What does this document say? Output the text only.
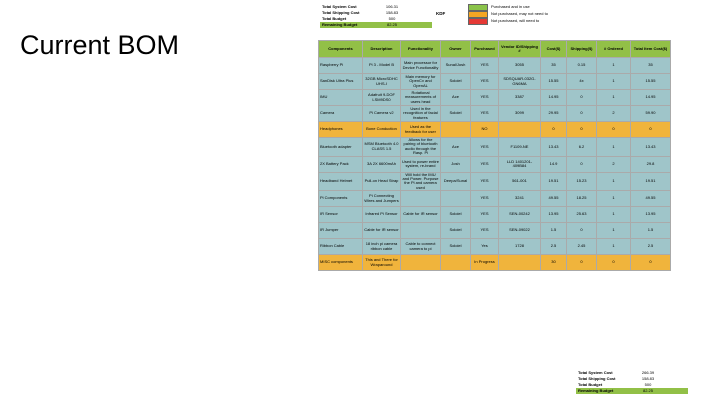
Current BOM
Total System Cost	106.31
Total Shipping Cost	158.83
Total Budget	500
Remaining Budget	82.25
KDF
Purchased and in use
Not purchased, may not need to
Not purchased, will need to
Components	Description	Functionality	Owner	Purchased	Vendor ID/Shipping #	Cost($)	Shipping($)	# Ordered	Total Item Cost($)
Raspberry Pi	Pi 3 - Model B	Main processor for Device Functionality	Sunal/Josh	YES	3055	35	0.15	1	35
SanDisk Ultra Plus	32GB MicroSDHC UHS-I	Main memory for OpenCv and OpenAL	Soloiel	YES	SDSQUAR-032G-GN6MA	15.55	4x	1	15.55
IMU	Adafruit 9-DOF LSM9DS0	Rotational measurements of users head	Ace	YES	3387	14.95	0	1	14.95
Camera	Pi Camera v2	Used in the recognition of facial features	Soloiel	YES	3099	29.95	0	2	59.90
Headphones	Bone Conduction	Used as the feedback for user		NO		0	0	0	0
Bluetooth adapter	MSM Bluetooth 4.0 CLASS 1.5	Allows for the pairing of bluetooth audio through the Rasp. Pi	Ace	YES	F1109-NE	13.43	6.2	1	13.43
2X Battery Pack	3A 2X 6600mAh	Used to power entire system, re-brand	Josh	YES	LLD 1401201-409B84	14.9	0	2	29.8
Headband Helmet	Pull-on Head Strap	Will hold the IMU and Power. Purpose the Pi and camera used	Deepa/Sunal	YES	561-001	19.51	15.23	1	19.51
Pi Components	Pi Connecting Wires and Jumpers			YES	3241	49.55	18.25	1	49.55
IR Sensor	Infrared Pi Sensor	Cable for IR sensor	Soloiel	YES	SEN-00242	13.95	25.63	1	13.95
IR Jumper	Cable for IR sensor		Soloiel	YES	SEN-09022	1.5	0	1	1.5
Ribbon Cable	18 inch pi camera ribbon cable	Cable to connect camera to pi	Soloiel	Yes	1728	2.5	2.45	1	2.5
MISC components	This and There for Wraparound			In Progress		30	0	0	0
Total System Cost	266.39
Total Shipping Cost	158.83
Total Budget	500
Remaining Budget	82.25
